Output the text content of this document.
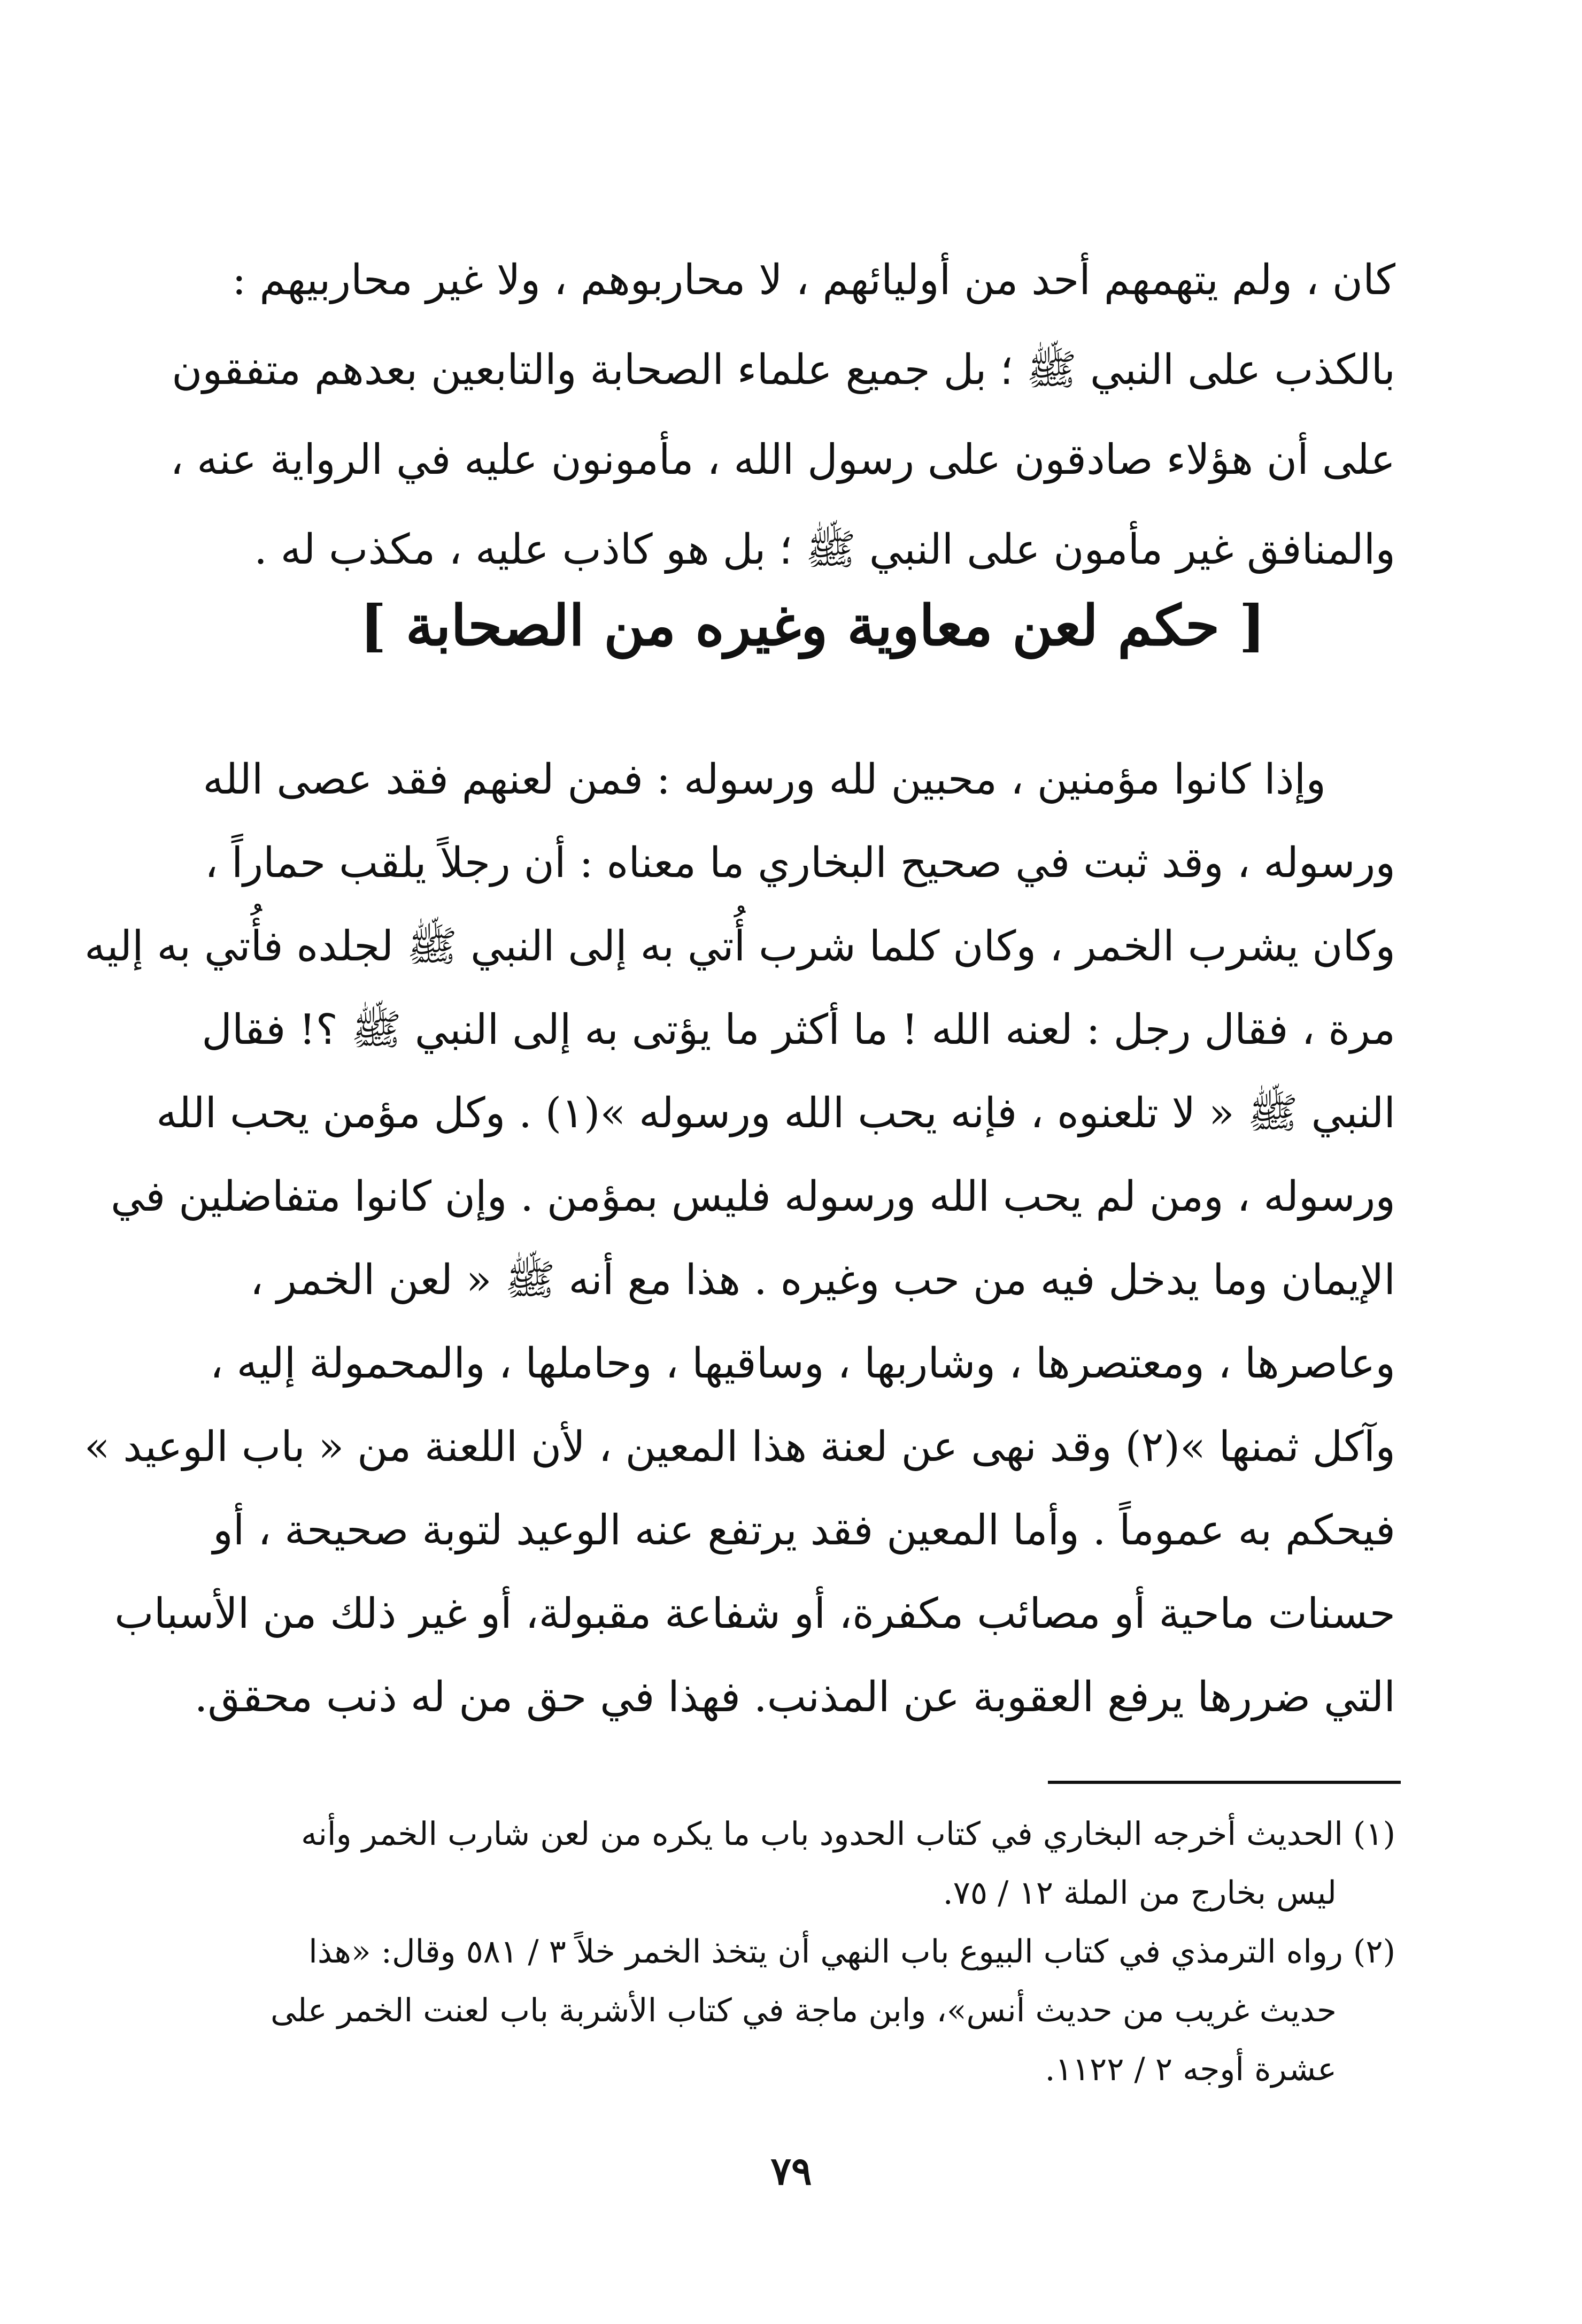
كان ، ولم يتهمهم أحد من أوليائهم ، لا محاربوهم ، ولا غير محاربيهم :
بالكذب على النبي ﷺ ؛ بل جميع علماء الصحابة والتابعين بعدهم متفقون
على أن هؤلاء صادقون على رسول الله ، مأمونون عليه في الرواية عنه ،
والمنافق غير مأمون على النبي ﷺ ؛ بل هو كاذب عليه ، مكذب له .
[ حكم لعن معاوية وغيره من الصحابة ]
وإذا كانوا مؤمنين ، محبين لله ورسوله : فمن لعنهم فقد عصى الله
ورسوله ، وقد ثبت في صحيح البخاري ما معناه : أن رجلاً يلقب حماراً ،
وكان يشرب الخمر ، وكان كلما شرب أُتي به إلى النبي ﷺ لجلده فأُتي به إليه
مرة ، فقال رجل : لعنه الله ! ما أكثر ما يؤتى به إلى النبي ﷺ ؟! فقال
النبي ﷺ « لا تلعنوه ، فإنه يحب الله ورسوله »(١) . وكل مؤمن يحب الله
ورسوله ، ومن لم يحب الله ورسوله فليس بمؤمن . وإن كانوا متفاضلين في
الإيمان وما يدخل فيه من حب وغيره . هذا مع أنه ﷺ « لعن الخمر ،
وعاصرها ، ومعتصرها ، وشاربها ، وساقيها ، وحاملها ، والمحمولة إليه ،
وآكل ثمنها »(٢) وقد نهى عن لعنة هذا المعين ، لأن اللعنة من « باب الوعيد »
فيحكم به عموماً . وأما المعين فقد يرتفع عنه الوعيد لتوبة صحيحة ، أو
حسنات ماحية أو مصائب مكفرة، أو شفاعة مقبولة، أو غير ذلك من الأسباب
التي ضررها يرفع العقوبة عن المذنب. فهذا في حق من له ذنب محقق.
(١) الحديث أخرجه البخاري في كتاب الحدود باب ما يكره من لعن شارب الخمر وأنه
ليس بخارج من الملة ١٢ / ٧٥.
(٢) رواه الترمذي في كتاب البيوع باب النهي أن يتخذ الخمر خلاً ٣ / ٥٨١ وقال: «هذا
حديث غريب من حديث أنس»، وابن ماجة في كتاب الأشربة باب لعنت الخمر على
عشرة أوجه ٢ / ١١٢٢.
٧٩
